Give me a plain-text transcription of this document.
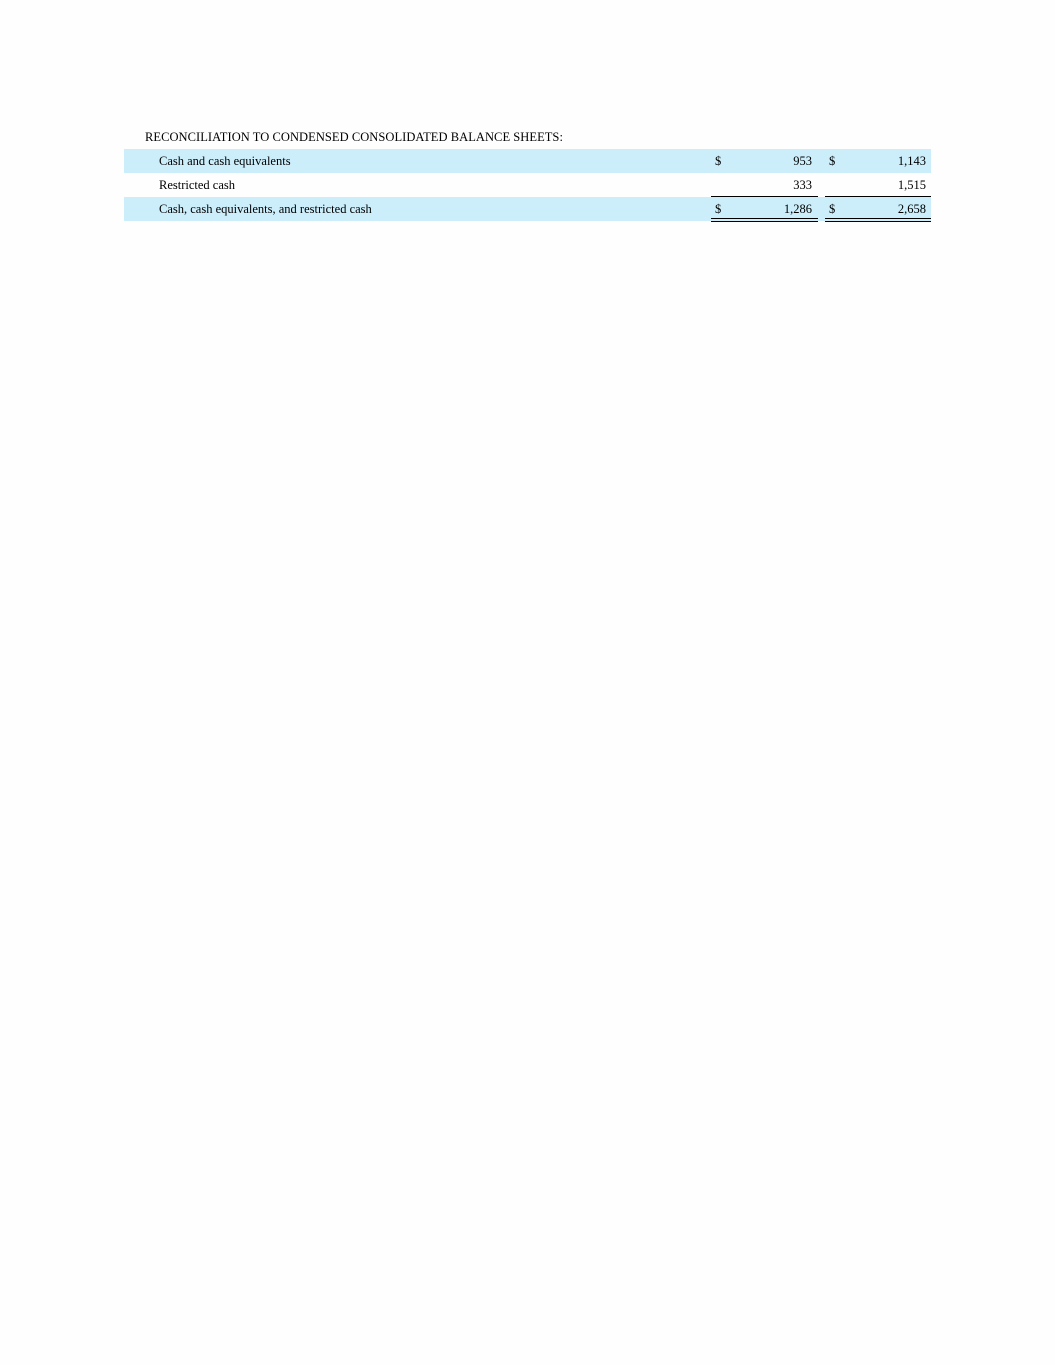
RECONCILIATION TO CONDENSED CONSOLIDATED BALANCE SHEETS:
Cash and cash equivalents	$	953 $	1,143
Restricted cash	333	1,515
Cash, cash equivalents, and restricted cash	$	1,286 $	2,658
